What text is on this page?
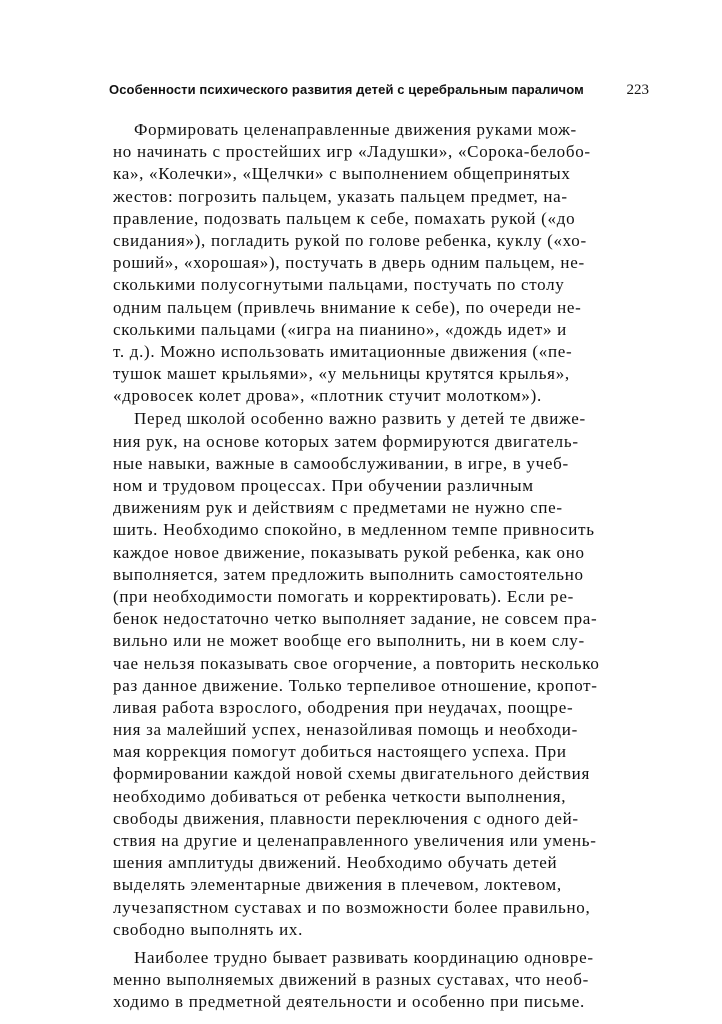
Особенности психического развития детей с церебральным параличом	223
Формировать целенаправленные движения руками мож-
но начинать с простейших игр «Ладушки», «Сорока-белобо-
ка», «Колечки», «Щелчки» с выполнением общепринятых
жестов: погрозить пальцем, указать пальцем предмет, на-
правление, подозвать пальцем к себе, помахать рукой («до
свидания»), погладить рукой по голове ребенка, куклу («хо-
роший», «хорошая»), постучать в дверь одним пальцем, не-
сколькими полусогнутыми пальцами, постучать по столу
одним пальцем (привлечь внимание к себе), по очереди не-
сколькими пальцами («игра на пианино», «дождь идет» и
т. д.). Можно использовать имитационные движения («пе-
тушок машет крыльями», «у мельницы крутятся крылья»,
«дровосек колет дрова», «плотник стучит молотком»).
Перед школой особенно важно развить у детей те движе-
ния рук, на основе которых затем формируются двигатель-
ные навыки, важные в самообслуживании, в игре, в учеб-
ном и трудовом процессах. При обучении различным
движениям рук и действиям с предметами не нужно спе-
шить. Необходимо спокойно, в медленном темпе привносить
каждое новое движение, показывать рукой ребенка, как оно
выполняется, затем предложить выполнить самостоятельно
(при необходимости помогать и корректировать). Если ре-
бенок недостаточно четко выполняет задание, не совсем пра-
вильно или не может вообще его выполнить, ни в коем слу-
чае нельзя показывать свое огорчение, а повторить несколько
раз данное движение. Только терпеливое отношение, кропот-
ливая работа взрослого, ободрения при неудачах, поощре-
ния за малейший успех, неназойливая помощь и необходи-
мая коррекция помогут добиться настоящего успеха. При
формировании каждой новой схемы двигательного действия
необходимо добиваться от ребенка четкости выполнения,
свободы движения, плавности переключения с одного дей-
ствия на другие и целенаправленного увеличения или умень-
шения амплитуды движений. Необходимо обучать детей
выделять элементарные движения в плечевом, локтевом,
лучезапястном суставах и по возможности более правильно,
свободно выполнять их.
Наиболее трудно бывает развивать координацию одновре-
менно выполняемых движений в разных суставах, что необ-
ходимо в предметной деятельности и особенно при письме.
